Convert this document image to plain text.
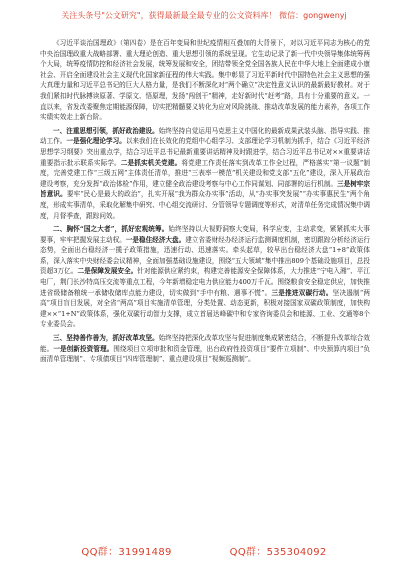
关注头条号"公文研究"，获得最新最全最专业的公文资料库！ 微信：gongwenyj

《习近平谈治国理政》（第四卷）是在百年变局和世纪疫情相互叠加的大背景下，对以习近平同志为核心的党中央治国理政重大战略部署、重大理论创造、重大思想引领的系统呈现。它生动记录了新一代中央领导集体统筹两个大局，统筹疫情防控和经济社会发展，统筹发展和安全，团结带领全党全国各族人民在中华大地上全面建成小康社会、开启全面建设社会主义现代化国家新征程的伟大实践。集中彰显了习近平新时代中国特色社会主义思想的强大真理力量和习近平总书记的巨大人格力量，是我们不断深化对“两个确立”决定性意义认识的最新最好教材。对于我们紧扣时代脉搏读原著、学原文、悟原理，发扬“闯创干”精神，走好新时代“赶考”路，具有十分重要的意义。一直以来，省发改委聚焦定期能源保障，切实把精髓要义转化为应对风险挑战、推动改革发展的能力素养，各项工作实绩实效走上新台阶。

一、注重思想引领，抓好政治建设。始终坚持自觉运用马克思主义中国化的最新成果武装头脑、指导实践、推动工作。一是强化理论学习。以来我们在长效化的党组中心组学习、支部理论学习机制为抓手，结合《习近平经济思想学习纲要》突出重点学，结合习近平总书记最新重要讲话精神及时跟进学，结合习近平总书记对××重要讲话重要指示批示联系实际学。二是抓实机关党建。将党建工作责任落实到改革工作全过程，严格落实“第一议题”制度，完善党建工作“三级五网”主体责任清单，推进“三表率一模范”机关建设和党支部“五化”建设，深入开展政治建设考察，充分发挥“政治体检”作用，建立健全政治建设考察与中心工作同谋划、同部署的运行机制。三是树牢宗旨意识。要牢“民心是最大的政治”，扎实开展“我为群众办实事”活动，从“办实事突发展”“办实事惠民生”两个角度，形成实事清单，采取化解集中研究、中心组交流研讨、分管领导专题调度等形式，对清单任务完成情况集中调度，月督季查，跟踪问效。

二、胸怀“国之大者”，抓好宏观统筹。始终坚持以大视野洞察大变局，科学应变，主动求变，紧紧抓实大事要事，牢牢把握发展主动权。一是稳住经济大盘。建立省委财经办经济运行监测调度机制，密切跟踪分析经济运行态势，全面出台稳经济一揽子政策措施，迅速行动、迅速落实。牵头起草，较早出台稳经济大盘“1+8”政策体系，深入落实中央财经委会议精神，全面加强基础设施建设，围绕“五大领域”集中推出809个基础设施项目，总投资超3万亿。二是保障发展安全。针对能源供应紧约束，构建完善能源安全保障体系，大力推进“宁电入湘”、平江电厂，荆门长沙特高压交流等重点工程，今年新增稳定电力供应能力400万千瓦。围绕粮食安全稳定供应，加快推进省级储备粮统一承储收储库点能力建设，切实做到“手中有粮、遇事不慌”。三是推进双碳行动。坚决遏制“两高”项目盲目发展，对全省“两高”项目实施清单管理，分类处置、动态更新，积极对接国家双碳政策制度，加快构建××“1+N”政策体系，强化双碳行动智力支撑，成立首届达峰碳中和专家咨询委员会和能源、工业、交通等8个专业委员会。

三、坚持善作善为，抓好改革攻坚。始终坚持把深化改革攻坚与促进制度集成紧密结合，不断提升改革综合效能。一是创新投资管理。围绕项目立项审批和资金管理，出台政府性投资项目“要件立项制”、中央预算内项目“负面清单管理制”、专项债项目“四库管理制”、重点建设项目“视频巡测制”。

QQ群：31991489	QQ群：535304092
